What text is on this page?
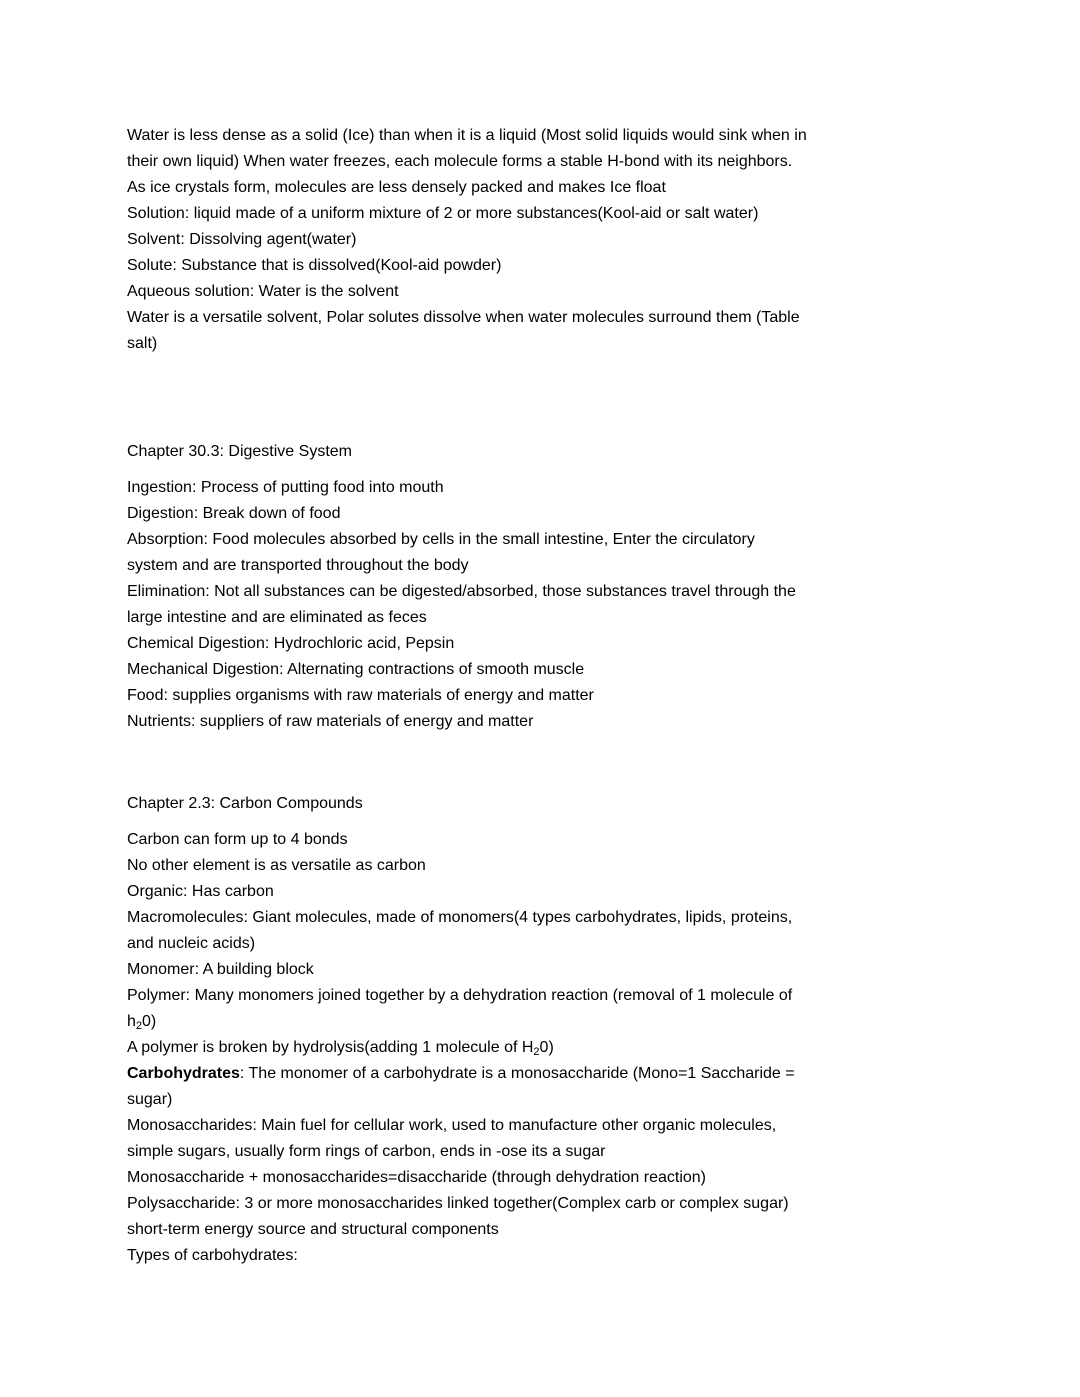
Water is less dense as a solid (Ice) than when it is a liquid (Most solid liquids would sink when in
their own liquid) When water freezes, each molecule forms a stable H-bond with its neighbors.
As ice crystals form, molecules are less densely packed and makes Ice float
Solution: liquid made of a uniform mixture of 2 or more substances(Kool-aid or salt water)
Solvent: Dissolving agent(water)
Solute: Substance that is dissolved(Kool-aid powder)
Aqueous solution: Water is the solvent
Water is a versatile solvent, Polar solutes dissolve when water molecules surround them (Table
salt)
Chapter 30.3: Digestive System
Ingestion: Process of putting food into mouth
Digestion: Break down of food
Absorption: Food molecules absorbed by cells in the small intestine, Enter the circulatory
system and are transported throughout the body
Elimination: Not all substances can be digested/absorbed, those substances travel through the
large intestine and are eliminated as feces
Chemical Digestion: Hydrochloric acid, Pepsin
Mechanical Digestion: Alternating contractions of smooth muscle
Food: supplies organisms with raw materials of energy and matter
Nutrients: suppliers of raw materials of energy and matter
Chapter 2.3: Carbon Compounds
Carbon can form up to 4 bonds
No other element is as versatile as carbon
Organic: Has carbon
Macromolecules: Giant molecules, made of monomers(4 types carbohydrates, lipids, proteins,
and nucleic acids)
Monomer: A building block
Polymer: Many monomers joined together by a dehydration reaction (removal of 1 molecule of
$h_20$)
A polymer is broken by hydrolysis(adding 1 molecule of $H_20$)
Carbohydrates: The monomer of a carbohydrate is a monosaccharide (Mono=1 Saccharide =
sugar)
Monosaccharides: Main fuel for cellular work, used to manufacture other organic molecules,
simple sugars, usually form rings of carbon, ends in -ose its a sugar
Monosaccharide + monosaccharides=disaccharide (through dehydration reaction)
Polysaccharide: 3 or more monosaccharides linked together(Complex carb or complex sugar)
short-term energy source and structural components
Types of carbohydrates:
